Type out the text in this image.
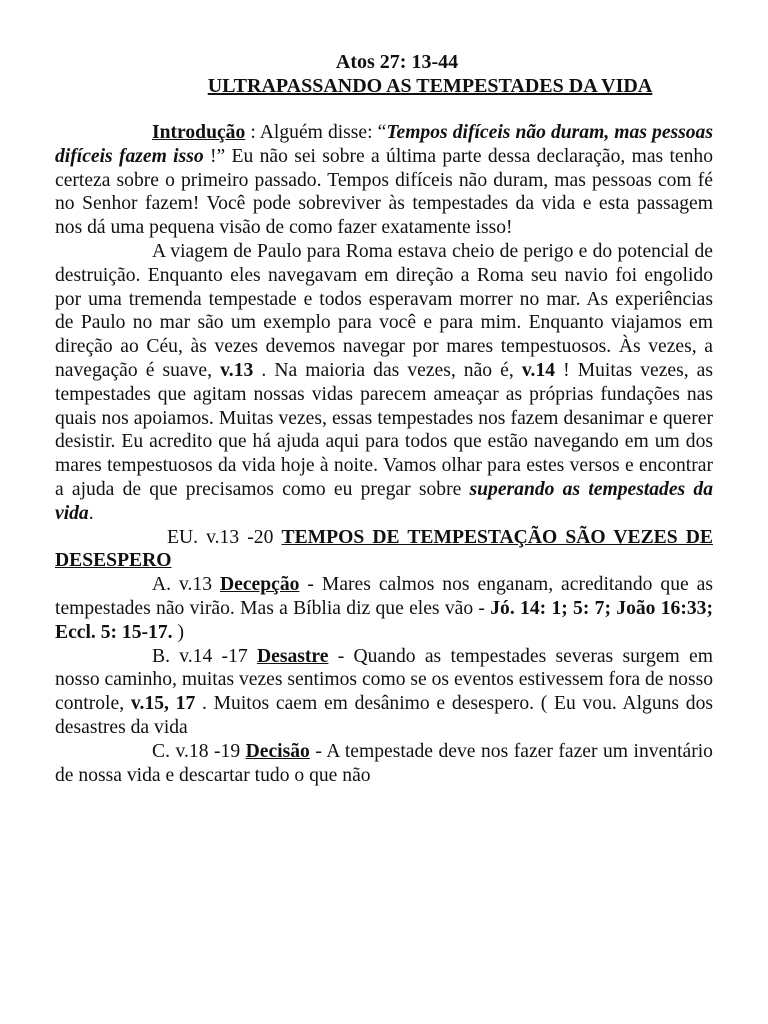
Atos 27: 13-44
ULTRAPASSANDO AS TEMPESTADES DA VIDA

Introdução : Alguém disse: “Tempos difíceis não duram, mas pessoas difíceis fazem isso !” Eu não sei sobre a última parte dessa declaração, mas tenho certeza sobre o primeiro passado. Tempos difíceis não duram, mas pessoas com fé no Senhor fazem! Você pode sobreviver às tempestades da vida e esta passagem nos dá uma pequena visão de como fazer exatamente isso!

A viagem de Paulo para Roma estava cheio de perigo e do potencial de destruição. Enquanto eles navegavam em direção a Roma seu navio foi engolido por uma tremenda tempestade e todos esperavam morrer no mar. As experiências de Paulo no mar são um exemplo para você e para mim. Enquanto viajamos em direção ao Céu, às vezes devemos navegar por mares tempestuosos. Às vezes, a navegação é suave, v.13 . Na maioria das vezes, não é, v.14 ! Muitas vezes, as tempestades que agitam nossas vidas parecem ameaçar as próprias fundações nas quais nos apoiamos. Muitas vezes, essas tempestades nos fazem desanimar e querer desistir. Eu acredito que há ajuda aqui para todos que estão navegando em um dos mares tempestuosos da vida hoje à noite. Vamos olhar para estes versos e encontrar a ajuda de que precisamos como eu pregar sobre superando as tempestades da vida.

EU. v.13 -20 TEMPOS DE TEMPESTAÇÃO SÃO VEZES DE DESESPERO

A. v.13 Decepção - Mares calmos nos enganam, acreditando que as tempestades não virão. Mas a Bíblia diz que eles vão - Jó. 14: 1; 5: 7; João 16:33; Eccl. 5: 15-17. )

B. v.14 -17 Desastre - Quando as tempestades severas surgem em nosso caminho, muitas vezes sentimos como se os eventos estivessem fora de nosso controle, v.15, 17 . Muitos caem em desânimo e desespero. ( Eu vou. Alguns dos desastres da vida

C. v.18 -19 Decisão - A tempestade deve nos fazer fazer um inventário de nossa vida e descartar tudo o que não
